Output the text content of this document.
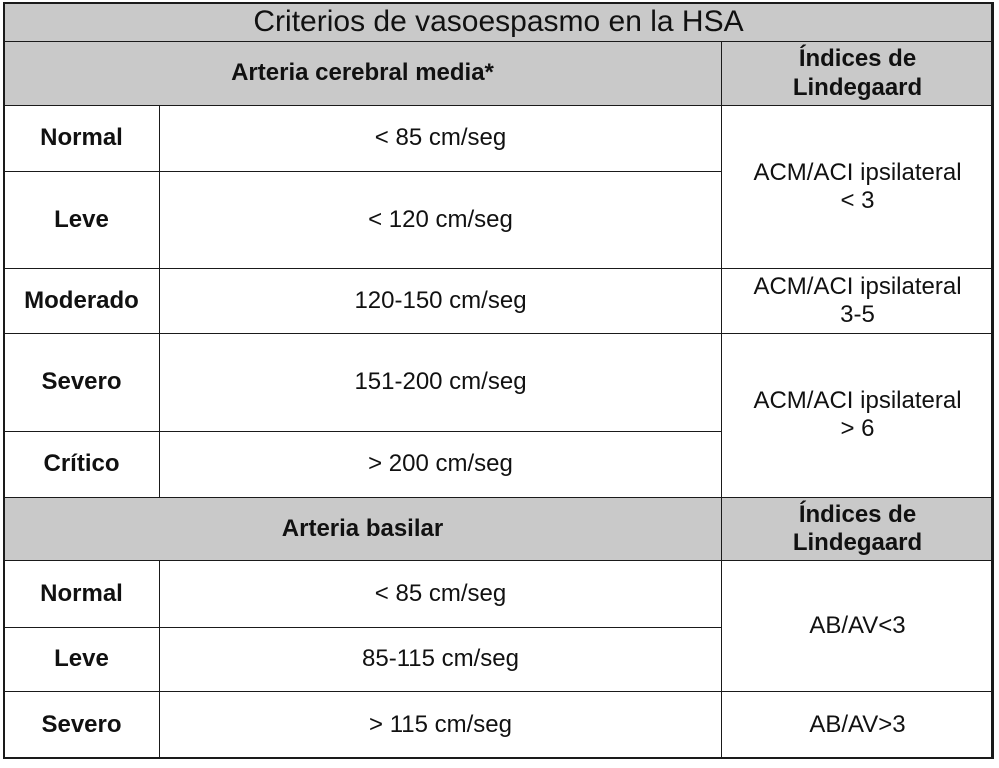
Criterios de vasoespasmo en la HSA		
Arteria cerebral media*		Índices de
Lindegaard
Normal	< 85 cm/seg	ACM/ACI ipsilateral
< 3
Leve	< 120 cm/seg	
Moderado	120-150 cm/seg	ACM/ACI ipsilateral
3-5
Severo	151-200 cm/seg	ACM/ACI ipsilateral
> 6
Crítico	> 200 cm/seg	
Arteria basilar		Índices de
Lindegaard
Normal	< 85 cm/seg	AB/AV<3
Leve	85-115 cm/seg	
Severo	> 115 cm/seg	AB/AV>3
